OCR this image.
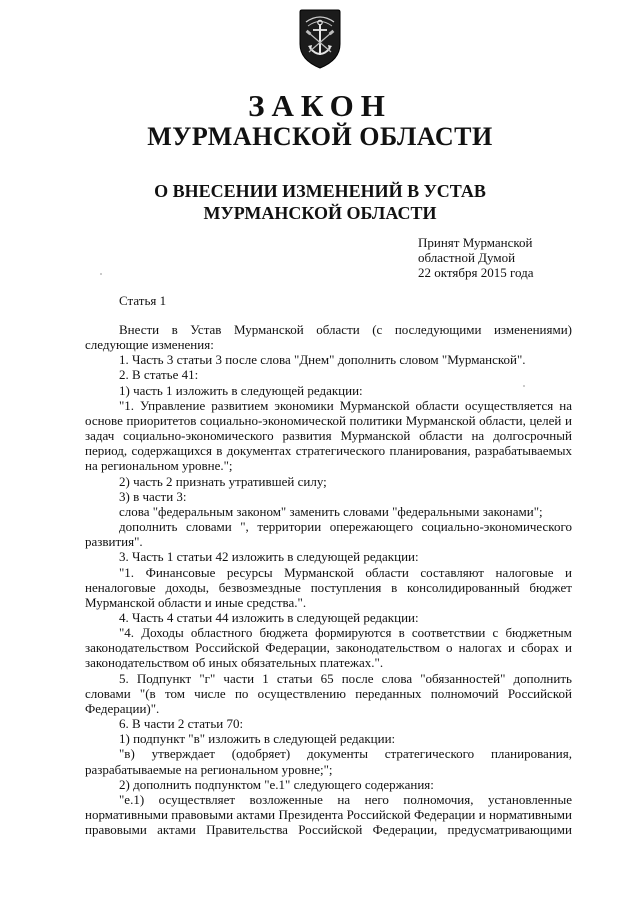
ЗАКОН
МУРМАНСКОЙ ОБЛАСТИ
О ВНЕСЕНИИ ИЗМЕНЕНИЙ В УСТАВ
МУРМАНСКОЙ ОБЛАСТИ
Принят Мурманской
областной Думой
22 октября 2015 года
Статья 1
Внести в Устав Мурманской области (с последующими изменениями)
следующие изменения:
1. Часть 3 статьи 3 после слова "Днем" дополнить словом "Мурманской".
2. В статье 41:
1) часть 1 изложить в следующей редакции:
"1. Управление развитием экономики Мурманской области осуществляется на
основе приоритетов социально-экономической политики Мурманской области, целей и
задач социально-экономического развития Мурманской области на долгосрочный
период, содержащихся в документах стратегического планирования, разрабатываемых
на региональном уровне.";
2) часть 2 признать утратившей силу;
3) в части 3:
слова "федеральным законом" заменить словами "федеральными законами";
дополнить словами ", территории опережающего социально-экономического
развития".
3. Часть 1 статьи 42 изложить в следующей редакции:
"1. Финансовые ресурсы Мурманской области составляют налоговые и
неналоговые доходы, безвозмездные поступления в консолидированный бюджет
Мурманской области и иные средства.".
4. Часть 4 статьи 44 изложить в следующей редакции:
"4. Доходы областного бюджета формируются в соответствии с бюджетным
законодательством Российской Федерации, законодательством о налогах и сборах и
законодательством об иных обязательных платежах.".
5. Подпункт "г" части 1 статьи 65 после слова "обязанностей" дополнить
словами "(в том числе по осуществлению переданных полномочий Российской
Федерации)".
6. В части 2 статьи 70:
1) подпункт "в" изложить в следующей редакции:
"в) утверждает (одобряет) документы стратегического планирования,
разрабатываемые на региональном уровне;";
2) дополнить подпунктом "е.1" следующего содержания:
"е.1) осуществляет возложенные на него полномочия, установленные
нормативными правовыми актами Президента Российской Федерации и нормативными
правовыми актами Правительства Российской Федерации, предусматривающими
